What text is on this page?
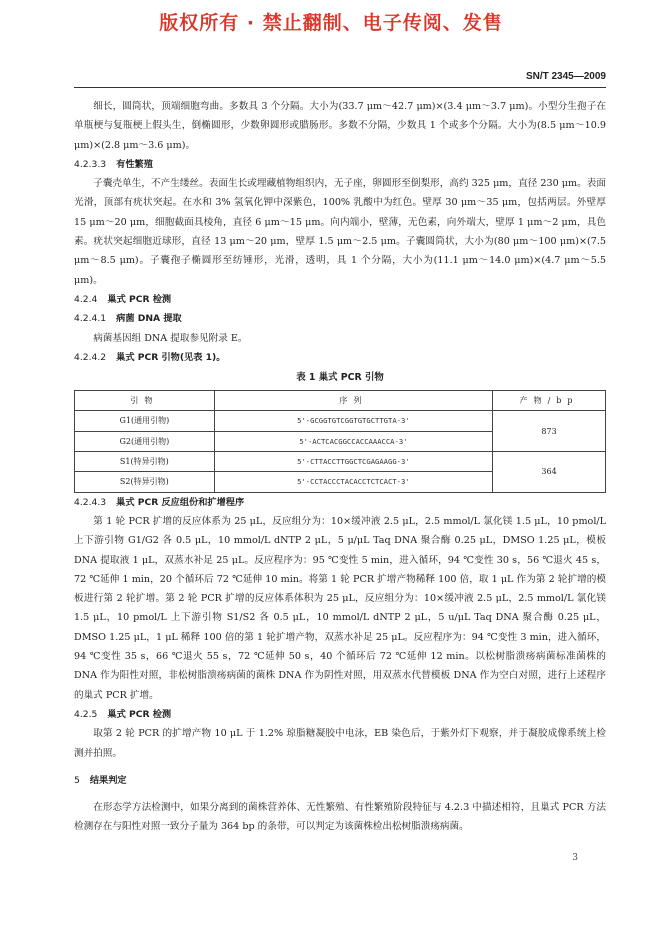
版权所有 · 禁止翻制、电子传阅、发售
SN/T 2345—2009

细长，圆筒状，顶端细胞弯曲。多数具 3 个分隔。大小为(33.7 μm～42.7 μm)×(3.4 μm～3.7 μm)。小型分生孢子在单瓶梗与复瓶梗上假头生，倒椭圆形，少数卵圆形或腊肠形。多数不分隔，少数具 1 个或多个分隔。大小为(8.5 μm～10.9 μm)×(2.8 μm～3.6 μm)。

4.2.3.3 有性繁殖

子囊壳单生，不产生缕丝。表面生长或埋藏植物组织内，无子座，卵圆形至倒梨形，高约 325 μm，直径 230 μm。表面光滑，顶部有疣状突起。在水和 3% 氢氧化钾中深紫色，100% 乳酸中为红色。壁厚 30 μm～35 μm，包括两层。外壁厚 15 μm～20 μm，细胞截面具棱角，直径 6 μm～15 μm。向内端小，壁薄，无色素，向外端大，壁厚 1 μm～2 μm，具色素。疣状突起细胞近球形，直径 13 μm～20 μm，壁厚 1.5 μm～2.5 μm。子囊圆筒状，大小为(80 μm～100 μm)×(7.5 μm～8.5 μm)。子囊孢子椭圆形至纺锤形，光滑，透明，具 1 个分隔，大小为(11.1 μm～14.0 μm)×(4.7 μm～5.5 μm)。

4.2.4 巢式 PCR 检测
4.2.4.1 病菌 DNA 提取

病菌基因组 DNA 提取参见附录 E。

4.2.4.2 巢式 PCR 引物(见表 1)。
表 1 巢式 PCR 引物
引物	序列	产物/bp
G1(通用引物)	5'-GCGGTGTCGGTGTGCTTGTA-3'	873
G2(通用引物)	5'-ACTCACGGCCACCAAACCA-3'	
S1(特异引物)	5'-CTTACCTTGGCTCGAGAAGG-3'	364
S2(特异引物)	5'-CCTACCCTACACCTCTCACT-3'	
4.2.4.3 巢式 PCR 反应组份和扩增程序

第 1 轮 PCR 扩增的反应体系为 25 μL，反应组分为：10×缓冲液 2.5 μL，2.5 mmol/L 氯化镁 1.5 μL，10 pmol/L 上下游引物 G1/G2 各 0.5 μL，10 mmol/L dNTP 2 μL，5 μ/μL Taq DNA 聚合酶 0.25 μL，DMSO 1.25 μL，模板 DNA 提取液 1 μL，双蒸水补足 25 μL。反应程序为：95 ℃变性 5 min，进入循环，94 ℃变性 30 s，56 ℃退火 45 s，72 ℃延伸 1 min，20 个循环后 72 ℃延伸 10 min。将第 1 轮 PCR 扩增产物稀释 100 倍，取 1 μL 作为第 2 轮扩增的模板进行第 2 轮扩增。第 2 轮 PCR 扩增的反应体系体积为 25 μL，反应组分为：10×缓冲液 2.5 μL，2.5 mmol/L 氯化镁 1.5 μL，10 pmol/L 上下游引物 S1/S2 各 0.5 μL，10 mmol/L dNTP 2 μL，5 u/μL Taq DNA 聚合酶 0.25 μL，DMSO 1.25 μL，1 μL 稀释 100 倍的第 1 轮扩增产物，双蒸水补足 25 μL。反应程序为：94 ℃变性 3 min，进入循环，94 ℃变性 35 s，66 ℃退火 55 s，72 ℃延伸 50 s，40 个循环后 72 ℃延伸 12 min。以松树脂溃疡病菌标准菌株的 DNA 作为阳性对照，非松树脂溃疡病菌的菌株 DNA 作为阴性对照，用双蒸水代替模板 DNA 作为空白对照，进行上述程序的巢式 PCR 扩增。

4.2.5 巢式 PCR 检测

取第 2 轮 PCR 的扩增产物 10 μL 于 1.2% 琼脂糖凝胶中电泳，EB 染色后，于紫外灯下观察，并于凝胶成像系统上检测并拍照。

5 结果判定

在形态学方法检测中，如果分离到的菌株营养体、无性繁殖、有性繁殖阶段特征与 4.2.3 中描述相符，且巢式 PCR 方法检测存在与阳性对照一致分子量为 364 bp 的条带，可以判定为该菌株检出松树脂溃疡病菌。

3
